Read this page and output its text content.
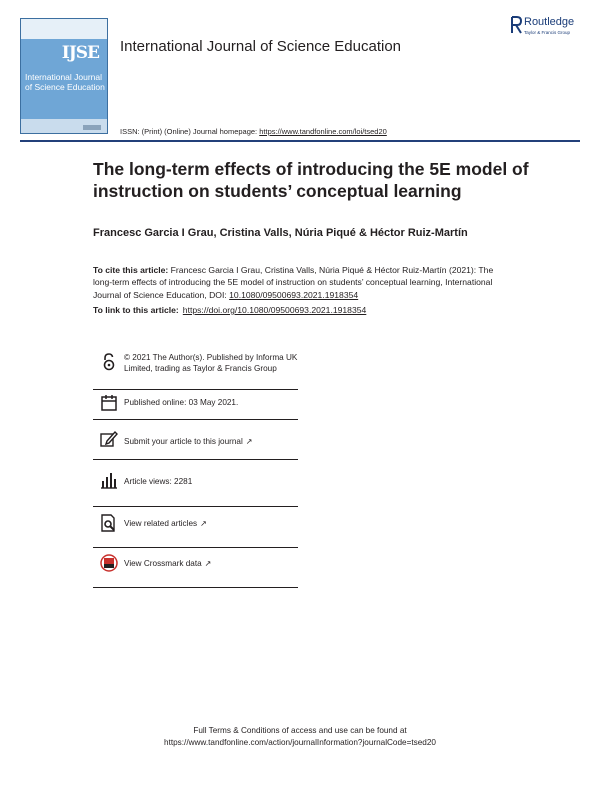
IJSE
International Journal of Science Education
International Journal of Science Education
Routledge
Taylor & Francis Group
ISSN: (Print) (Online) Journal homepage: https://www.tandfonline.com/loi/tsed20
The long-term effects of introducing the 5E model of instruction on students’ conceptual learning
Francesc Garcia I Grau, Cristina Valls, Núria Piqué & Héctor Ruiz-Martín
To cite this article: Francesc Garcia I Grau, Cristina Valls, Núria Piqué & Héctor Ruiz-Martín (2021): The long-term effects of introducing the 5E model of instruction on students’ conceptual learning, International Journal of Science Education, DOI: 10.1080/09500693.2021.1918354
To link to this article: https://doi.org/10.1080/09500693.2021.1918354
© 2021 The Author(s). Published by Informa UK Limited, trading as Taylor & Francis Group
Published online: 03 May 2021.
Submit your article to this journal ↗
Article views: 2281
View related articles ↗
View Crossmark data ↗
Full Terms & Conditions of access and use can be found at
https://www.tandfonline.com/action/journalInformation?journalCode=tsed20
